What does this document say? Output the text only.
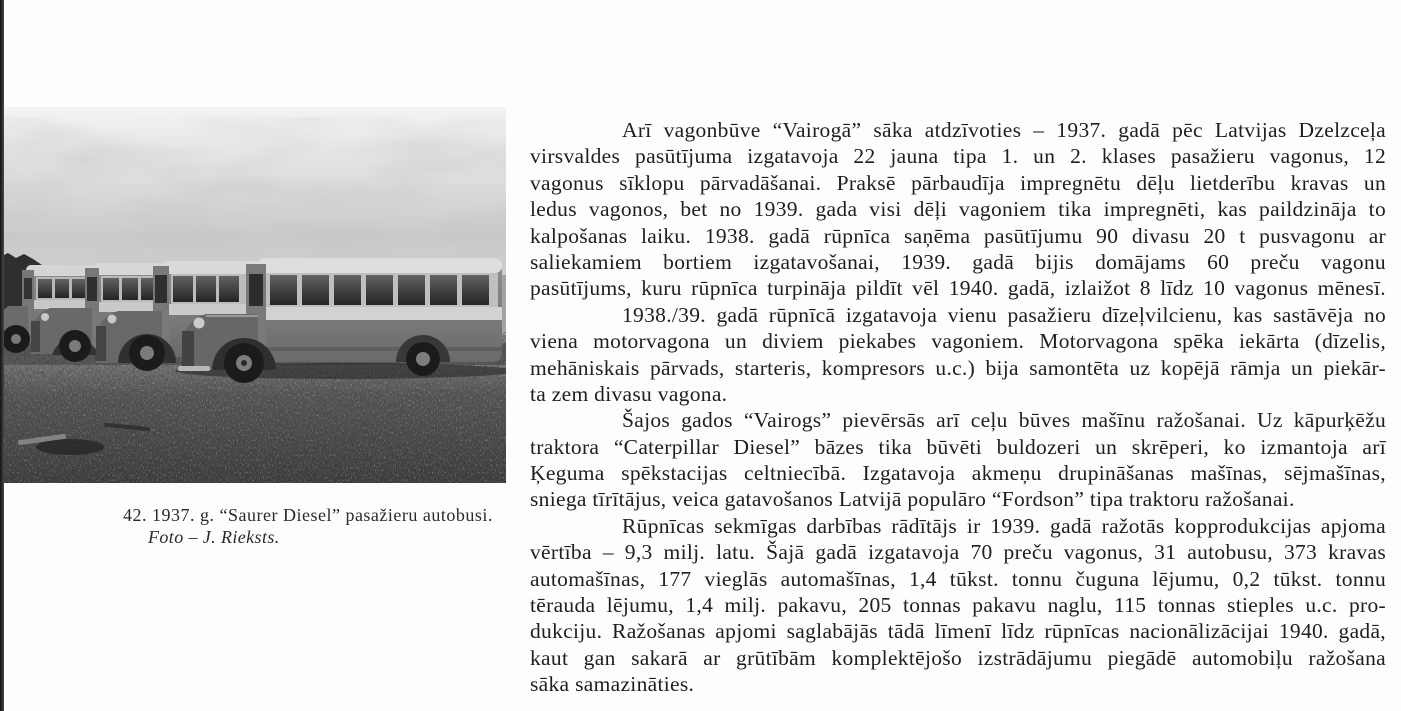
42. 1937. g. “Saurer Diesel” pasažieru autobusi.
Foto – J. Rieksts.
Arī vagonbūve “Vairogā” sāka atdzīvoties – 1937. gadā pēc Latvijas Dzelzceļa
virsvaldes pasūtījuma izgatavoja 22 jauna tipa 1. un 2. klases pasažieru vagonus, 12
vagonus sīklopu pārvadāšanai. Praksē pārbaudīja impregnētu dēļu lietderību kravas un
ledus vagonos, bet no 1939. gada visi dēļi vagoniem tika impregnēti, kas paildzināja to
kalpošanas laiku. 1938. gadā rūpnīca saņēma pasūtījumu 90 divasu 20 t pusvagonu ar
saliekamiem bortiem izgatavošanai, 1939. gadā bijis domājams 60 preču vagonu
pasūtījums, kuru rūpnīca turpināja pildīt vēl 1940. gadā, izlaižot 8 līdz 10 vagonus mēnesī.
1938./39. gadā rūpnīcā izgatavoja vienu pasažieru dīzeļvilcienu, kas sastāvēja no
viena motorvagona un diviem piekabes vagoniem. Motorvagona spēka iekārta (dīzelis,
mehāniskais pārvads, starteris, kompresors u.c.) bija samontēta uz kopējā rāmja un piekār-
ta zem divasu vagona.
Šajos gados “Vairogs” pievērsās arī ceļu būves mašīnu ražošanai. Uz kāpurķēžu
traktora “Caterpillar Diesel” bāzes tika būvēti buldozeri un skrēperi, ko izmantoja arī
Ķeguma spēkstacijas celtniecībā. Izgatavoja akmeņu drupināšanas mašīnas, sējmašīnas,
sniega tīrītājus, veica gatavošanos Latvijā populāro “Fordson” tipa traktoru ražošanai.
Rūpnīcas sekmīgas darbības rādītājs ir 1939. gadā ražotās kopprodukcijas apjoma
vērtība – 9,3 milj. latu. Šajā gadā izgatavoja 70 preču vagonus, 31 autobusu, 373 kravas
automašīnas, 177 vieglās automašīnas, 1,4 tūkst. tonnu čuguna lējumu, 0,2 tūkst. tonnu
tērauda lējumu, 1,4 milj. pakavu, 205 tonnas pakavu naglu, 115 tonnas stieples u.c. pro-
dukciju. Ražošanas apjomi saglabājās tādā līmenī līdz rūpnīcas nacionālizācijai 1940. gadā,
kaut gan sakarā ar grūtībām komplektējošo izstrādājumu piegādē automobiļu ražošana
sāka samazināties.
